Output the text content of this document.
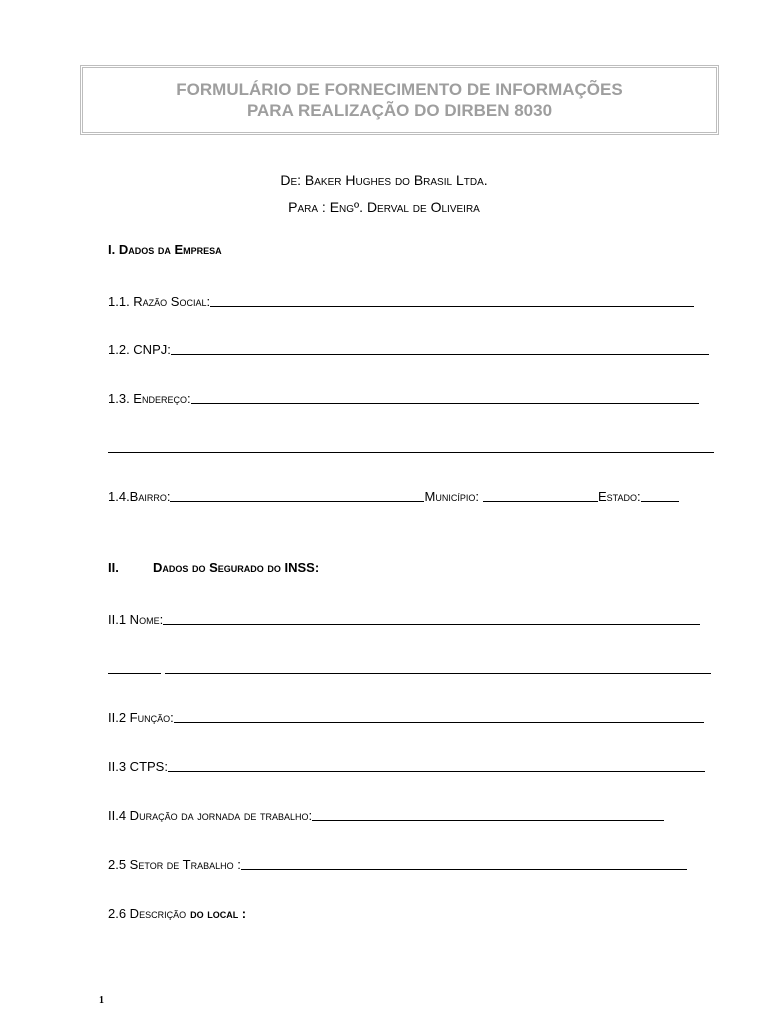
FORMULÁRIO DE FORNECIMENTO DE INFORMAÇÕES
PARA REALIZAÇÃO DO DIRBEN 8030
De: Baker Hughes do Brasil Ltda.
Para : Engº. Derval de Oliveira
I. Dados da Empresa
1.1. Razão Social:
1.2. CNPJ:
1.3. Endereço:
1.4.Bairro:	Município:	Estado:
II.	Dados do Segurado do INSS:
II.1 Nome:
II.2 Função:
II.3 CTPS:
II.4 Duração da jornada de trabalho:
2.5 Setor de Trabalho :
2.6 Descrição do local :
1
